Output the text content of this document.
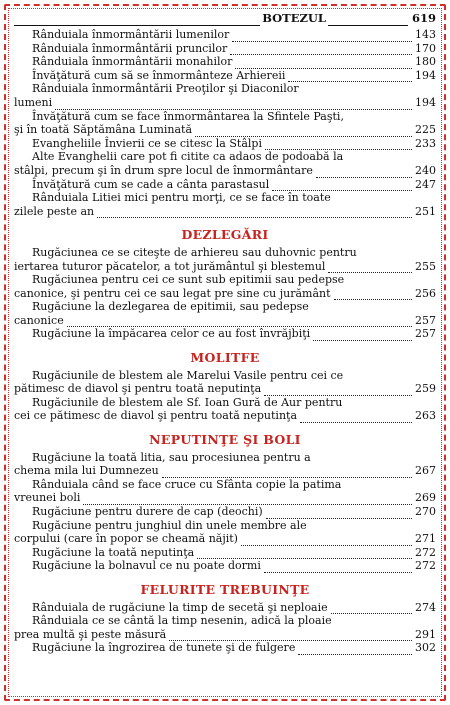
BOTEZUL	619
Rânduiala înmormântării lumenilor	143
Rânduiala înmormântării pruncilor	170
Rânduiala înmormântării monahilor	180
Învăţătură cum să se înmormânteze Arhiereii	194
Rânduiala înmormântării Preoţilor şi Diaconilor
lumeni	194
Învăţătură cum se face înmormântarea la Sfintele Paşti,
şi în toată Săptămâna Luminată	225
Evangheliile Învierii ce se citesc la Stâlpi	233
Alte Evanghelii care pot fi citite ca adaos de podoabă la
stâlpi, precum şi în drum spre locul de înmormântare	240
Învăţătură cum se cade a cânta parastasul	247
Rânduiala Litiei mici pentru morţi, ce se face în toate
zilele peste an	251
DEZLEGĂRI
Rugăciunea ce se citeşte de arhiereu sau duhovnic pentru
iertarea tuturor păcatelor, a tot jurământul şi blestemul	255
Rugăciunea pentru cei ce sunt sub epitimii sau pedepse
canonice, şi pentru cei ce sau legat pre sine cu jurământ	256
Rugăciune la dezlegarea de epitimii, sau pedepse
canonice	257
Rugăciune la împăcarea celor ce au fost învrăjbiţi	257
MOLITFE
Rugăciunile de blestem ale Marelui Vasile pentru cei ce
pătimesc de diavol şi pentru toată neputinţa	259
Rugăciunile de blestem ale Sf. Ioan Gură de Aur pentru
cei ce pătimesc de diavol şi pentru toată neputinţa	263
NEPUTINŢE ŞI BOLI
Rugăciune la toată litia, sau procesiunea pentru a
chema mila lui Dumnezeu	267
Rânduiala când se face cruce cu Sfânta copie la patima
vreunei boli	269
Rugăciune pentru durere de cap (deochi)	270
Rugăciune pentru junghiul din unele membre ale
corpului (care în popor se cheamă năjit)	271
Rugăciune la toată neputinţa	272
Rugăciune la bolnavul ce nu poate dormi	272
FELURITE TREBUINŢE
Rânduiala de rugăciune la timp de secetă şi neploaie	274
Rânduiala ce se cântă la timp nesenin, adică la ploaie
prea multă şi peste măsură	291
Rugăciune la îngrozirea de tunete şi de fulgere	302
